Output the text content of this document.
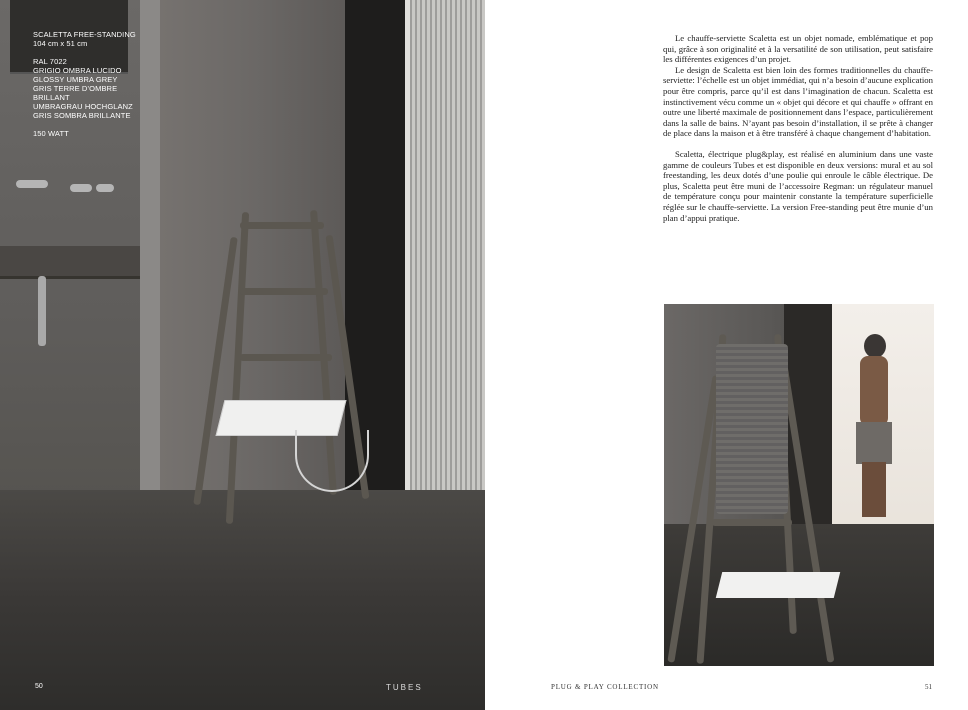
SCALETTA FREE-STANDING
104 cm x 51 cm
RAL 7022
GRIGIO OMBRA LUCIDO
GLOSSY UMBRA GREY
GRIS TERRE D’OMBRE
BRILLANT
UMBRAGRAU HOCHGLANZ
GRIS SOMBRA BRILLANTE
150 WATT
50	TUBES

Le chauffe-serviette Scaletta est un objet nomade, emblématique et pop qui, grâce à son originalité et à la versatilité de son utilisation, peut satisfaire les différentes exigences d’un projet.

Le design de Scaletta est bien loin des formes traditionnelles du chauffe-serviette: l’échelle est un objet immédiat, qui n’a besoin d’aucune explication pour être compris, parce qu’il est dans l’imagination de chacun. Scaletta est instinctivement vécu comme un « objet qui décore et qui chauffe » offrant en outre une liberté maximale de positionnement dans l’espace, particulièrement dans la salle de bains. N’ayant pas besoin d’installation, il se prête à changer de place dans la maison et à être transféré à chaque changement d’habitation.

Scaletta, électrique plug&play, est réalisé en aluminium dans une vaste gamme de couleurs Tubes et est disponible en deux versions: mural et au sol freestanding, les deux dotés d’une poulie qui enroule le câble électrique. De plus, Scaletta peut être muni de l’accessoire Regman: un régulateur manuel de température conçu pour maintenir constante la température superficielle réglée sur le chauffe-serviette. La version Free-standing peut être munie d’un plan d’appui pratique.

PLUG & PLAY COLLECTION	51
